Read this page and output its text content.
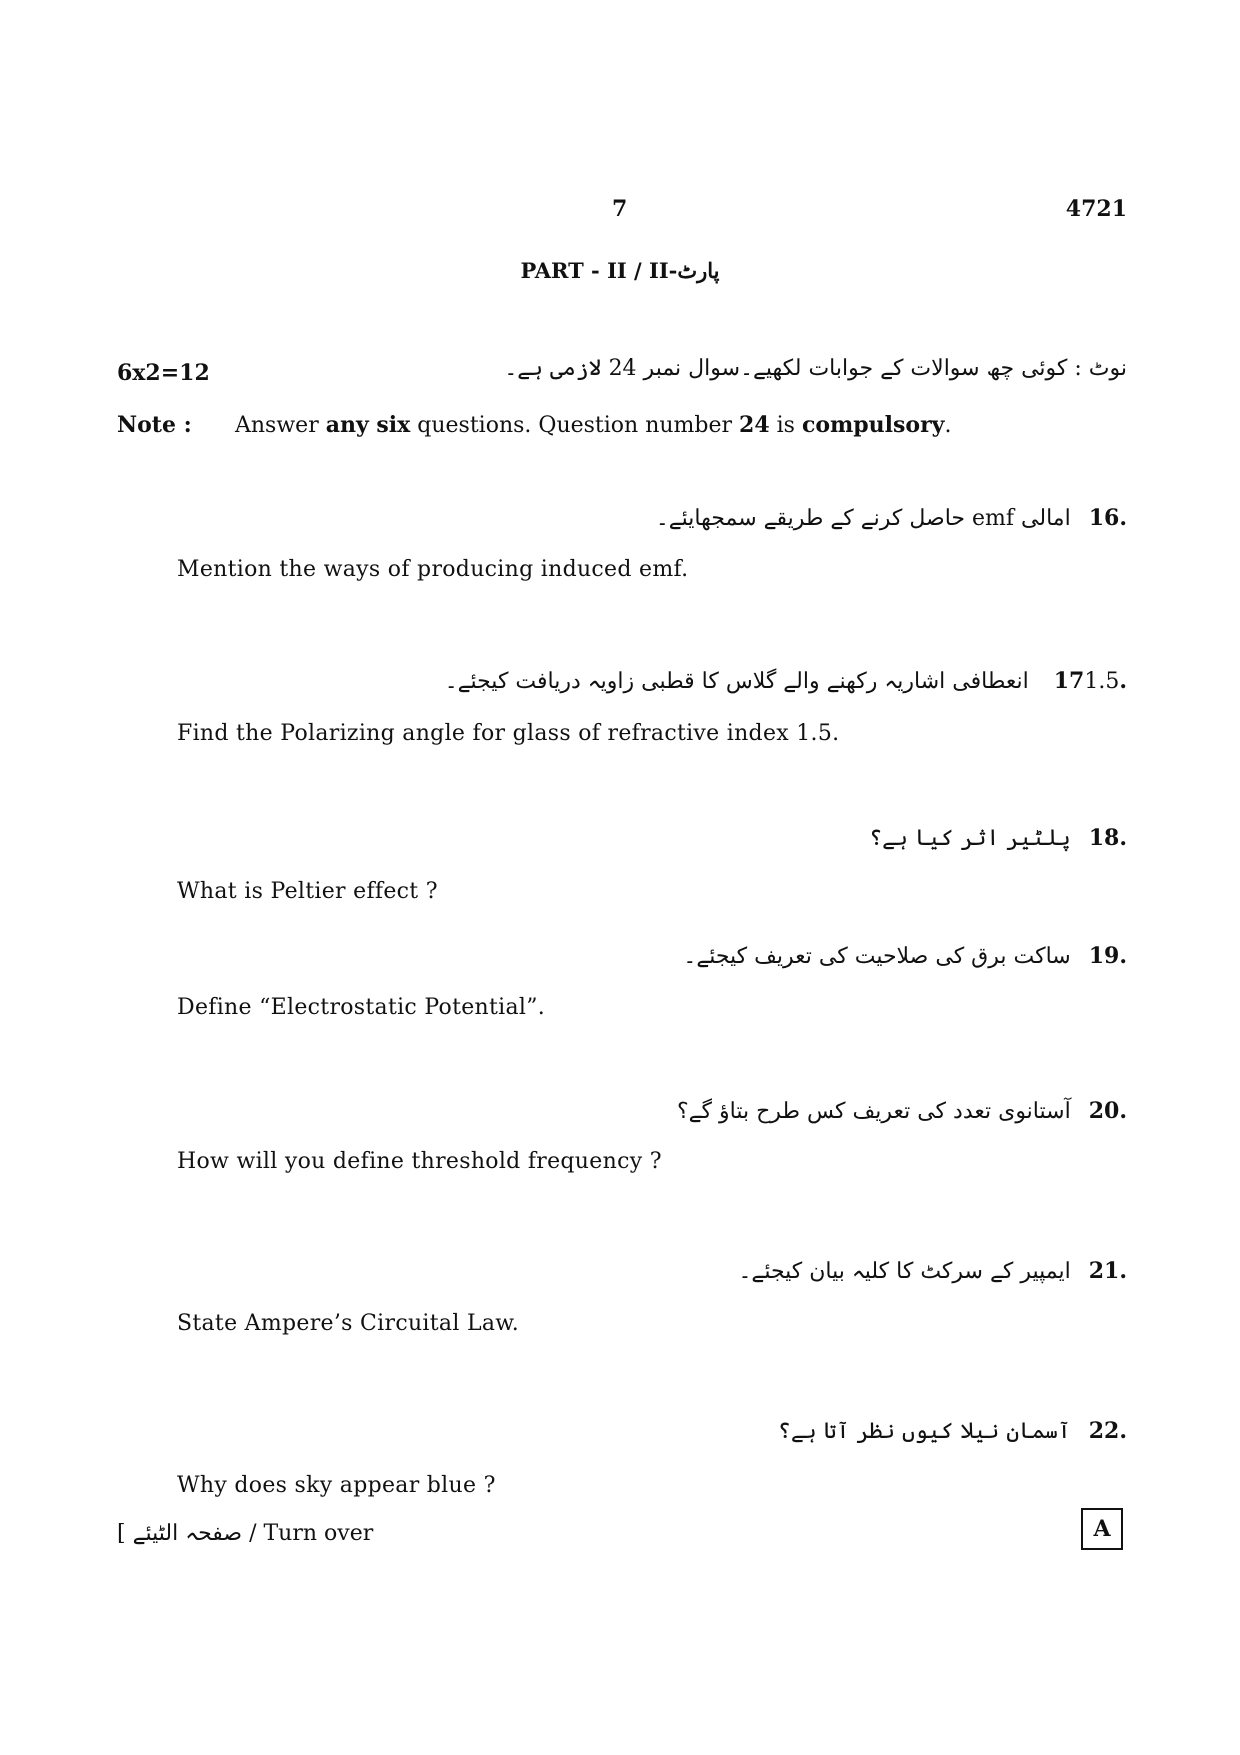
7	4721
PART - II / II-پارٹ
6x2=12	نوٹ : کوئی چھ سوالات کے جوابات لکھیے۔سوال نمبر 24 لازمی ہے۔
Note : Answer any six questions. Question number 24 is compulsory.
.16امالی emf حاصل کرنے کے طریقے سمجھایئے۔
Mention the ways of producing induced emf.
.171.5 انعطافی اشاریہ رکھنے والے گلاس کا قطبی زاویہ دریافت کیجئے۔
Find the Polarizing angle for glass of refractive index 1.5.
.18پلٹیر اثر کیا ہے؟
What is Peltier effect ?
.19ساکت برق کی صلاحیت کی تعریف کیجئے۔
Define “Electrostatic Potential”.
.20آستانوی تعدد کی تعریف کس طرح بتاؤ گے؟
How will you define threshold frequency ?
.21ایمپیر کے سرکٹ کا کلیہ بیان کیجئے۔
State Ampere’s Circuital Law.
.22آسمان نیلا کیوں نظر آتا ہے؟
Why does sky appear blue ?
[ صفحہ الٹیئے / Turn over	A
